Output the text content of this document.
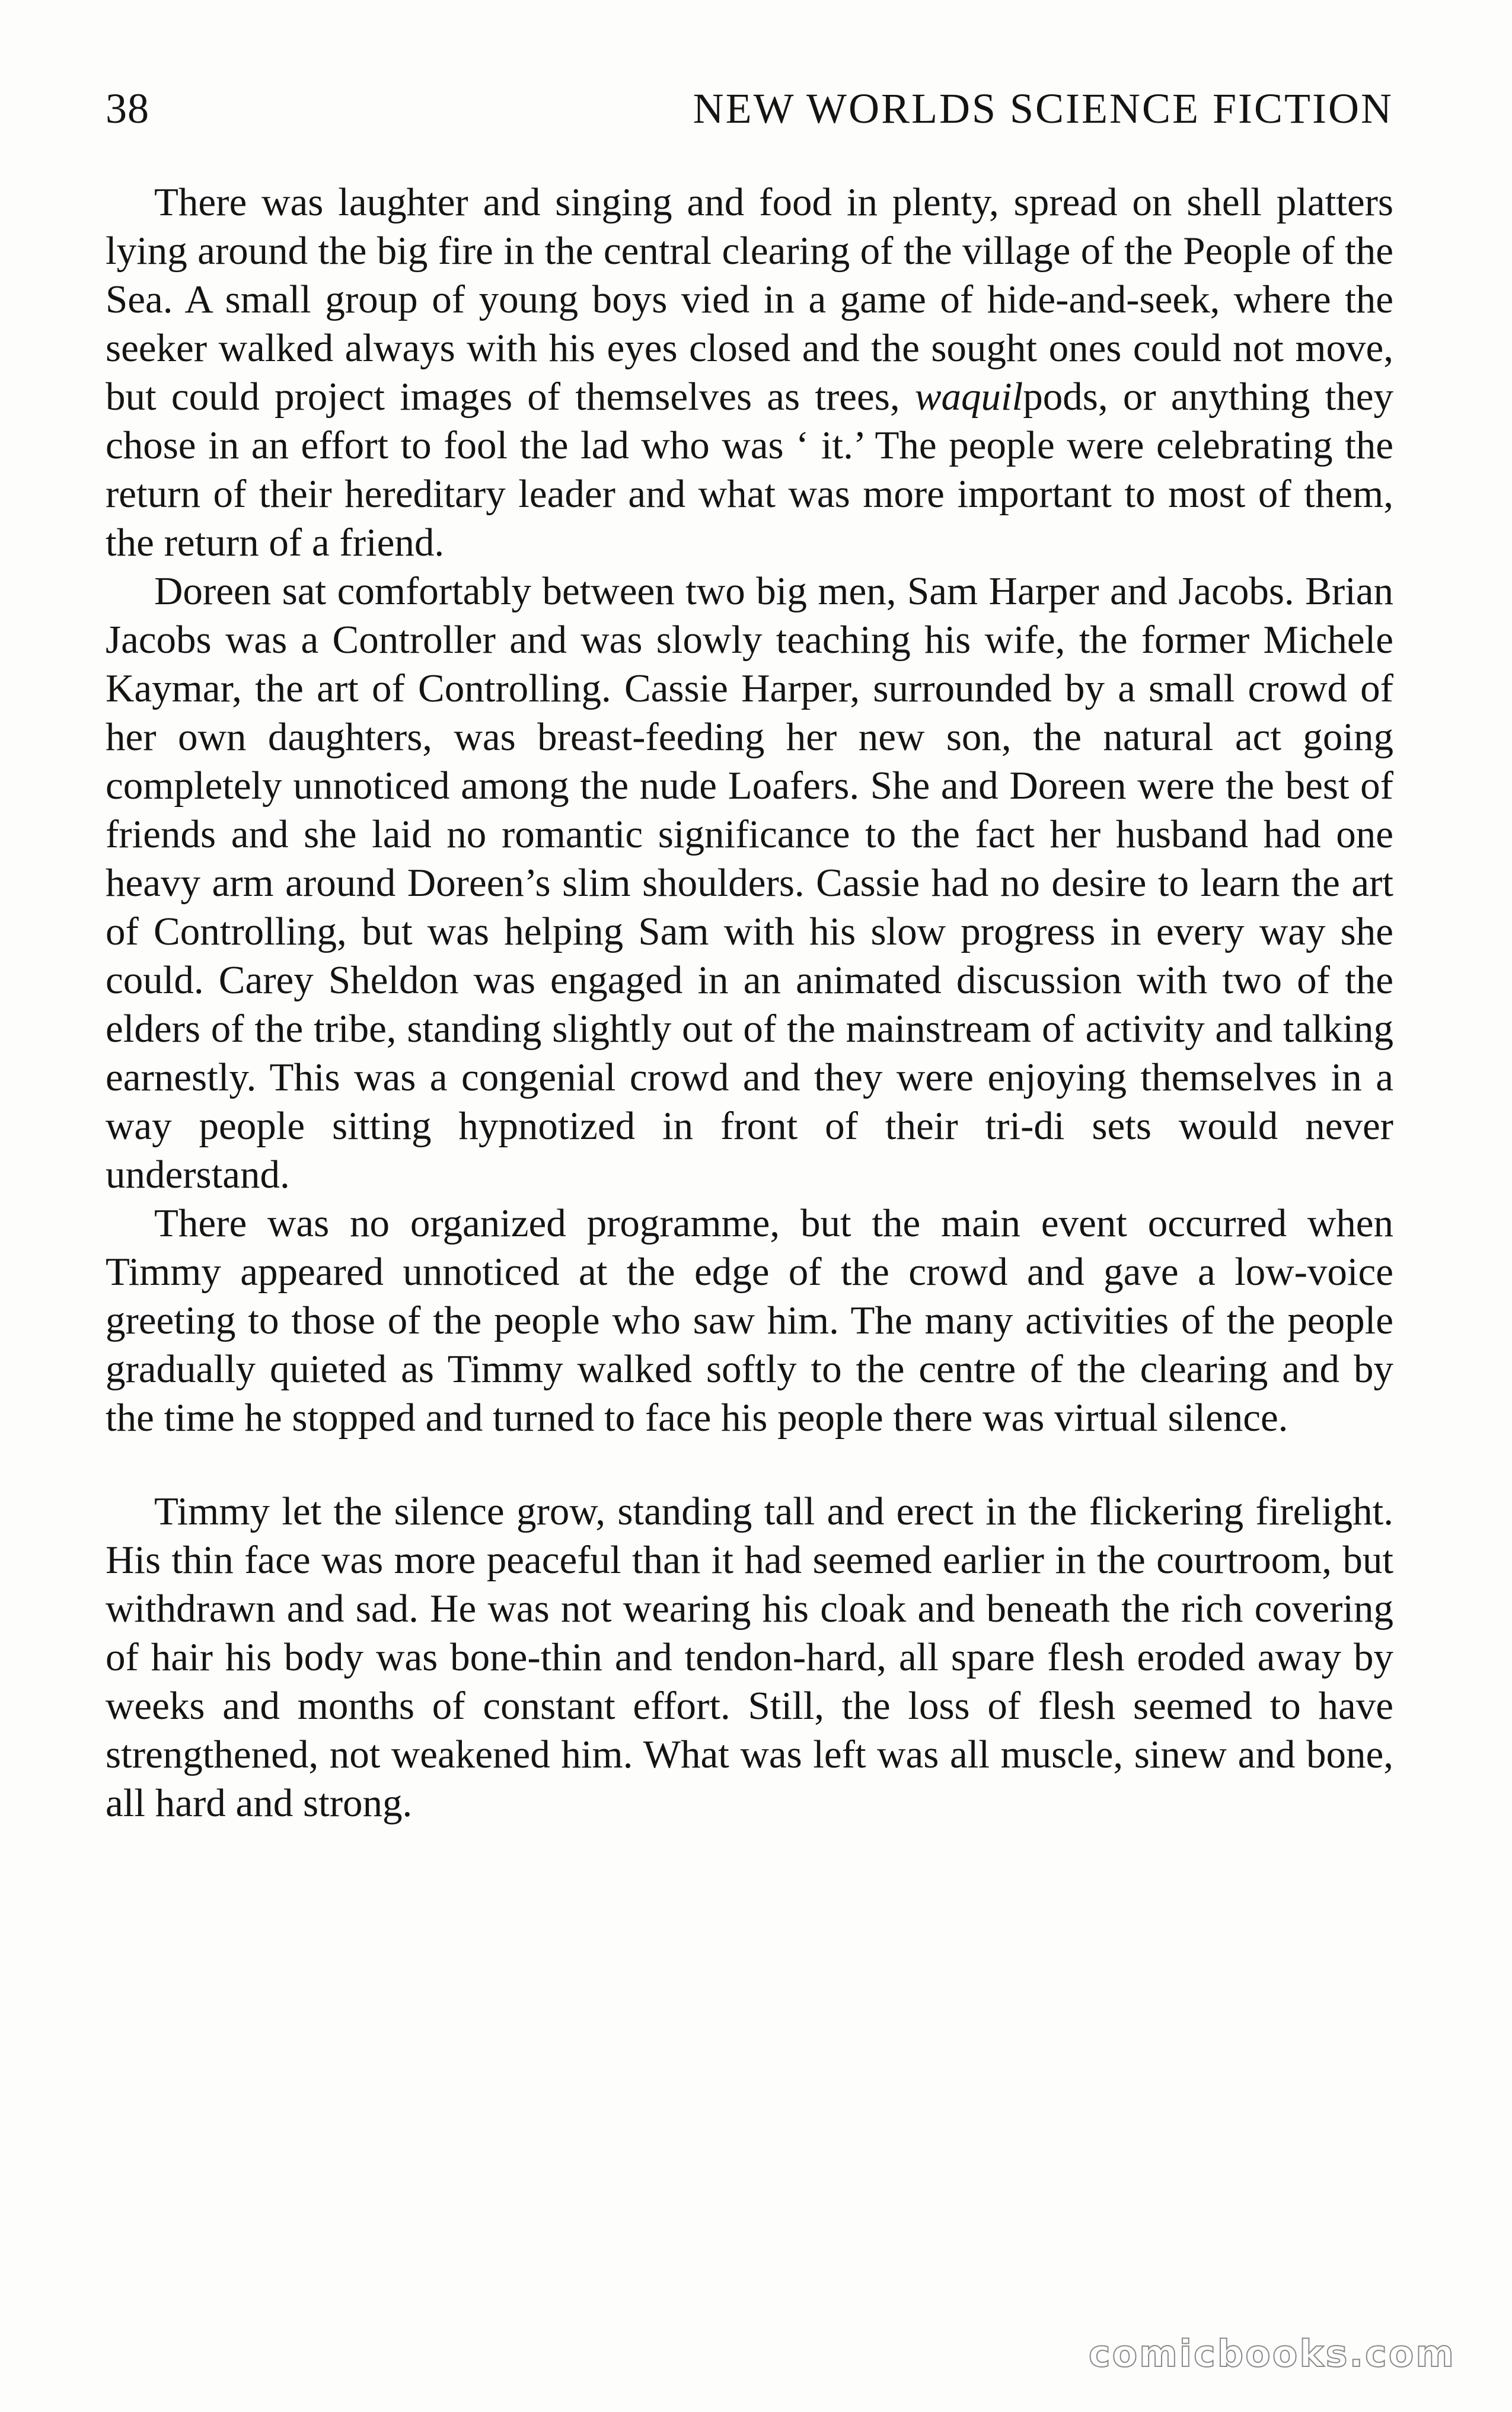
38	NEW WORLDS SCIENCE FICTION

There was laughter and singing and food in plenty, spread on shell platters lying around the big fire in the central clearing of the village of the People of the Sea. A small group of young boys vied in a game of hide-and-seek, where the seeker walked always with his eyes closed and the sought ones could not move, but could project images of themselves as trees, waquilpods, or anything they chose in an effort to fool the lad who was ‘ it.’ The people were celebrating the return of their hereditary leader and what was more important to most of them, the return of a friend.

Doreen sat comfortably between two big men, Sam Harper and Jacobs. Brian Jacobs was a Controller and was slowly teaching his wife, the former Michele Kaymar, the art of Controlling. Cassie Harper, surrounded by a small crowd of her own daughters, was breast-feeding her new son, the natural act going completely unnoticed among the nude Loafers. She and Doreen were the best of friends and she laid no romantic significance to the fact her husband had one heavy arm around Doreen’s slim shoulders. Cassie had no desire to learn the art of Controlling, but was helping Sam with his slow progress in every way she could. Carey Sheldon was engaged in an animated discussion with two of the elders of the tribe, standing slightly out of the mainstream of activity and talking earnestly. This was a congenial crowd and they were enjoying themselves in a way people sitting hypnotized in front of their tri-di sets would never understand.

There was no organized programme, but the main event occurred when Timmy appeared unnoticed at the edge of the crowd and gave a low-voice greeting to those of the people who saw him. The many activities of the people gradually quieted as Timmy walked softly to the centre of the clearing and by the time he stopped and turned to face his people there was virtual silence.

Timmy let the silence grow, standing tall and erect in the flickering firelight. His thin face was more peaceful than it had seemed earlier in the courtroom, but withdrawn and sad. He was not wearing his cloak and beneath the rich covering of hair his body was bone-thin and tendon-hard, all spare flesh eroded away by weeks and months of constant effort. Still, the loss of flesh seemed to have strengthened, not weakened him. What was left was all muscle, sinew and bone, all hard and strong.

comicbooks.com
